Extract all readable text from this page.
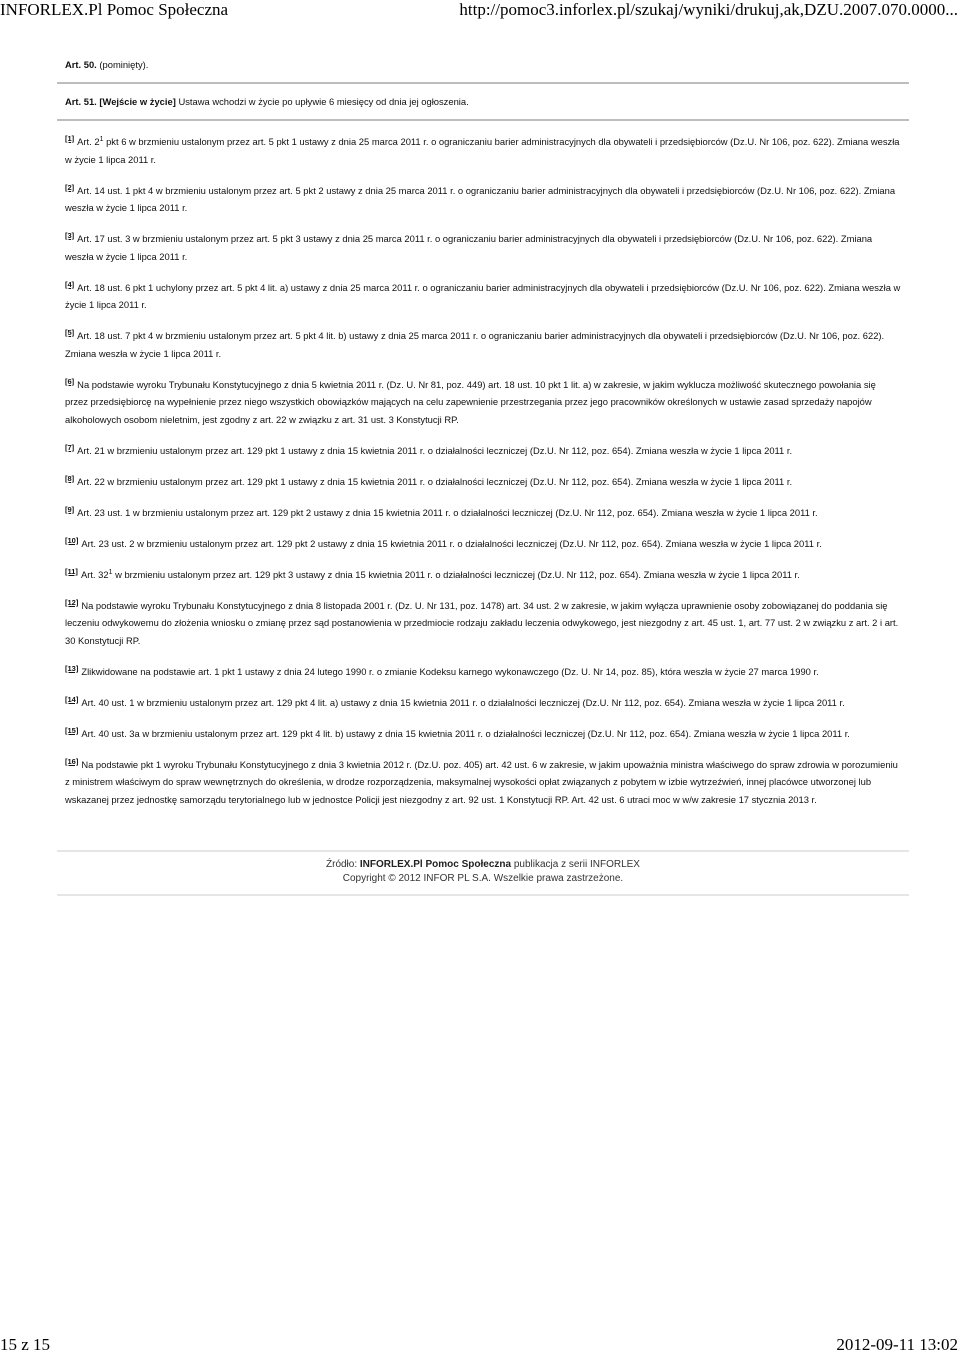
INFORLEX.Pl Pomoc Społeczna	http://pomoc3.inforlex.pl/szukaj/wyniki/drukuj,ak,DZU.2007.070.0000...

Art. 50. (pominięty).

Art. 51. [Wejście w życie] Ustawa wchodzi w życie po upływie 6 miesięcy od dnia jej ogłoszenia.

[1] Art. $2^1$ pkt 6 w brzmieniu ustalonym przez art. 5 pkt 1 ustawy z dnia 25 marca 2011 r. o ograniczaniu barier administracyjnych dla obywateli i przedsiębiorców (Dz.U. Nr 106, poz. 622). Zmiana weszła w życie 1 lipca 2011 r.

[2] Art. 14 ust. 1 pkt 4 w brzmieniu ustalonym przez art. 5 pkt 2 ustawy z dnia 25 marca 2011 r. o ograniczaniu barier administracyjnych dla obywateli i przedsiębiorców (Dz.U. Nr 106, poz. 622). Zmiana weszła w życie 1 lipca 2011 r.

[3] Art. 17 ust. 3 w brzmieniu ustalonym przez art. 5 pkt 3 ustawy z dnia 25 marca 2011 r. o ograniczaniu barier administracyjnych dla obywateli i przedsiębiorców (Dz.U. Nr 106, poz. 622). Zmiana weszła w życie 1 lipca 2011 r.

[4] Art. 18 ust. 6 pkt 1 uchylony przez art. 5 pkt 4 lit. a) ustawy z dnia 25 marca 2011 r. o ograniczaniu barier administracyjnych dla obywateli i przedsiębiorców (Dz.U. Nr 106, poz. 622). Zmiana weszła w życie 1 lipca 2011 r.

[5] Art. 18 ust. 7 pkt 4 w brzmieniu ustalonym przez art. 5 pkt 4 lit. b) ustawy z dnia 25 marca 2011 r. o ograniczaniu barier administracyjnych dla obywateli i przedsiębiorców (Dz.U. Nr 106, poz. 622). Zmiana weszła w życie 1 lipca 2011 r.

[6] Na podstawie wyroku Trybunału Konstytucyjnego z dnia 5 kwietnia 2011 r. (Dz. U. Nr 81, poz. 449) art. 18 ust. 10 pkt 1 lit. a) w zakresie, w jakim wyklucza możliwość skutecznego powołania się przez przedsiębiorcę na wypełnienie przez niego wszystkich obowiązków mających na celu zapewnienie przestrzegania przez jego pracowników określonych w ustawie zasad sprzedaży napojów alkoholowych osobom nieletnim, jest zgodny z art. 22 w związku z art. 31 ust. 3 Konstytucji RP.

[7] Art. 21 w brzmieniu ustalonym przez art. 129 pkt 1 ustawy z dnia 15 kwietnia 2011 r. o działalności leczniczej (Dz.U. Nr 112, poz. 654). Zmiana weszła w życie 1 lipca 2011 r.

[8] Art. 22 w brzmieniu ustalonym przez art. 129 pkt 1 ustawy z dnia 15 kwietnia 2011 r. o działalności leczniczej (Dz.U. Nr 112, poz. 654). Zmiana weszła w życie 1 lipca 2011 r.

[9] Art. 23 ust. 1 w brzmieniu ustalonym przez art. 129 pkt 2 ustawy z dnia 15 kwietnia 2011 r. o działalności leczniczej (Dz.U. Nr 112, poz. 654). Zmiana weszła w życie 1 lipca 2011 r.

[10] Art. 23 ust. 2 w brzmieniu ustalonym przez art. 129 pkt 2 ustawy z dnia 15 kwietnia 2011 r. o działalności leczniczej (Dz.U. Nr 112, poz. 654). Zmiana weszła w życie 1 lipca 2011 r.

[11] Art. $32^1$ w brzmieniu ustalonym przez art. 129 pkt 3 ustawy z dnia 15 kwietnia 2011 r. o działalności leczniczej (Dz.U. Nr 112, poz. 654). Zmiana weszła w życie 1 lipca 2011 r.

[12] Na podstawie wyroku Trybunału Konstytucyjnego z dnia 8 listopada 2001 r. (Dz. U. Nr 131, poz. 1478) art. 34 ust. 2 w zakresie, w jakim wyłącza uprawnienie osoby zobowiązanej do poddania się leczeniu odwykowemu do złożenia wniosku o zmianę przez sąd postanowienia w przedmiocie rodzaju zakładu leczenia odwykowego, jest niezgodny z art. 45 ust. 1, art. 77 ust. 2 w związku z art. 2 i art. 30 Konstytucji RP.

[13] Zlikwidowane na podstawie art. 1 pkt 1 ustawy z dnia 24 lutego 1990 r. o zmianie Kodeksu karnego wykonawczego (Dz. U. Nr 14, poz. 85), która weszła w życie 27 marca 1990 r.

[14] Art. 40 ust. 1 w brzmieniu ustalonym przez art. 129 pkt 4 lit. a) ustawy z dnia 15 kwietnia 2011 r. o działalności leczniczej (Dz.U. Nr 112, poz. 654). Zmiana weszła w życie 1 lipca 2011 r.

[15] Art. 40 ust. 3a w brzmieniu ustalonym przez art. 129 pkt 4 lit. b) ustawy z dnia 15 kwietnia 2011 r. o działalności leczniczej (Dz.U. Nr 112, poz. 654). Zmiana weszła w życie 1 lipca 2011 r.

[16] Na podstawie pkt 1 wyroku Trybunału Konstytucyjnego z dnia 3 kwietnia 2012 r. (Dz.U. poz. 405) art. 42 ust. 6 w zakresie, w jakim upoważnia ministra właściwego do spraw zdrowia w porozumieniu z ministrem właściwym do spraw wewnętrznych do określenia, w drodze rozporządzenia, maksymalnej wysokości opłat związanych z pobytem w izbie wytrzeźwień, innej placówce utworzonej lub wskazanej przez jednostkę samorządu terytorialnego lub w jednostce Policji jest niezgodny z art. 92 ust. 1 Konstytucji RP. Art. 42 ust. 6 utraci moc w w/w zakresie 17 stycznia 2013 r.

Źródło: INFORLEX.Pl Pomoc Społeczna publikacja z serii INFORLEX
Copyright © 2012 INFOR PL S.A. Wszelkie prawa zastrzeżone.
15 z 15	2012-09-11 13:02
